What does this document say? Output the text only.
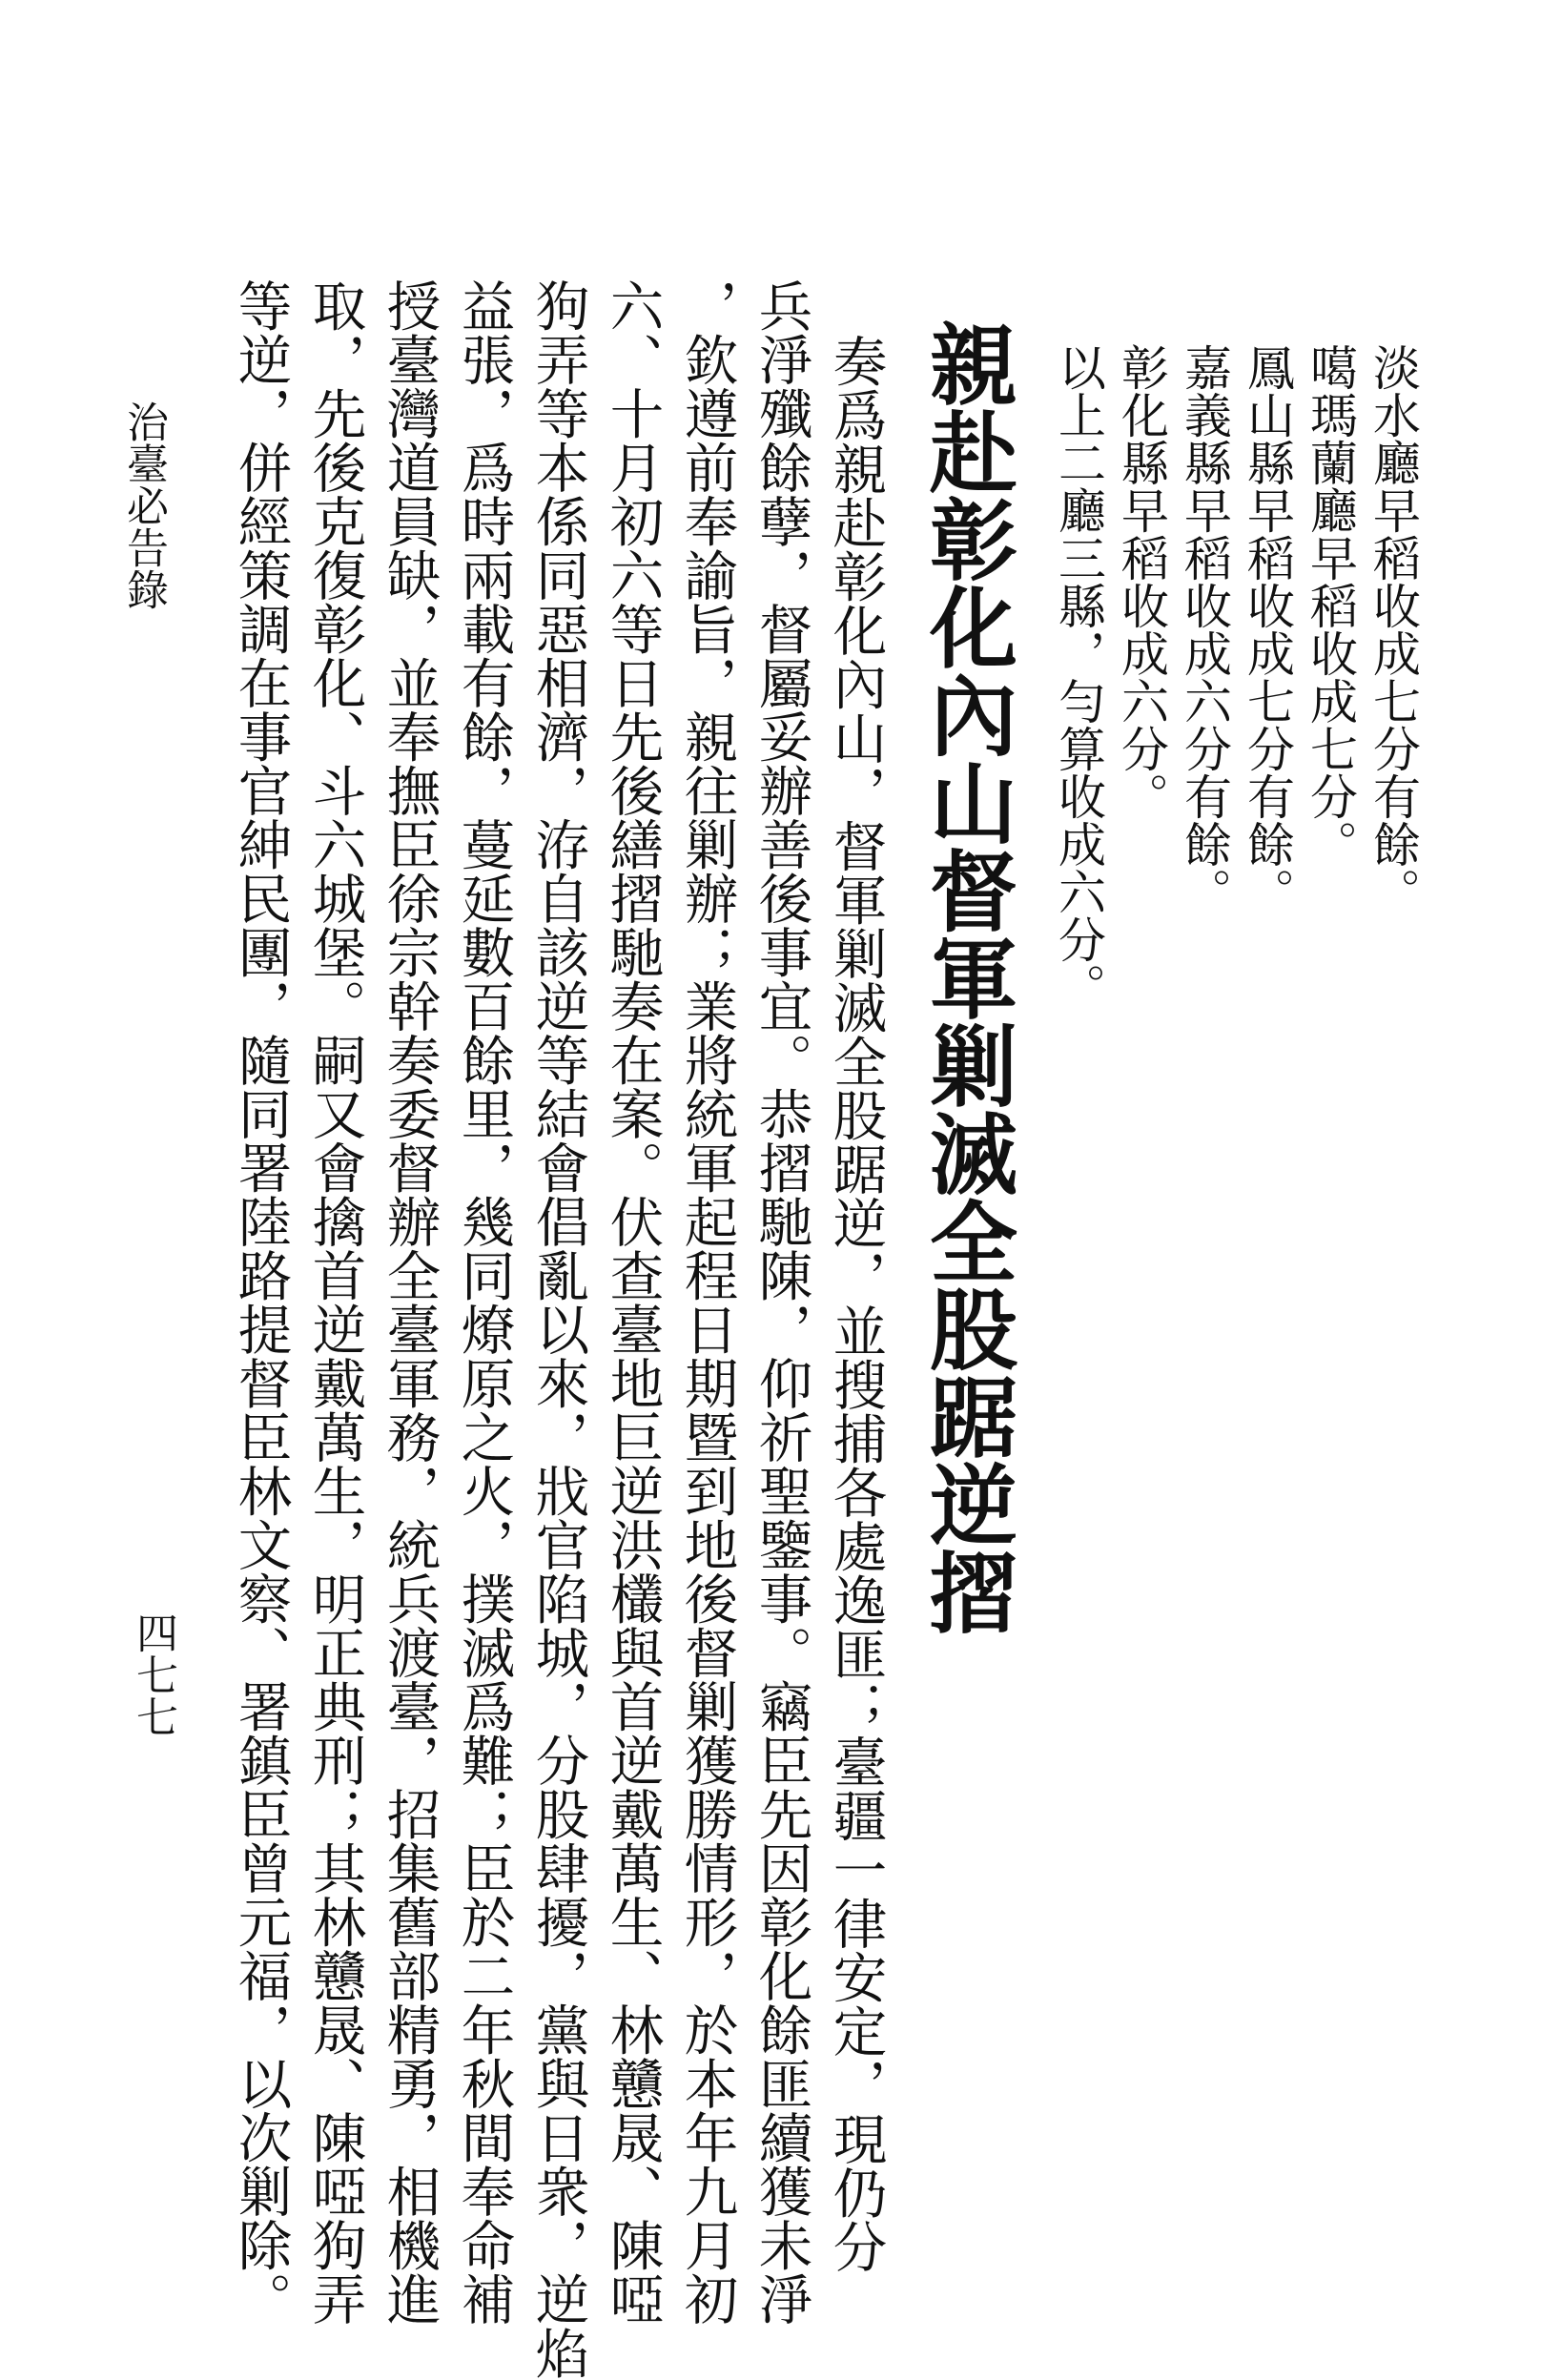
淡水廳早稻收成七分有餘。
噶瑪蘭廳早稻收成七分。
鳳山縣早稻收成七分有餘。
嘉義縣早稻收成六分有餘。
彰化縣早稻收成六分。
以上二廳三縣，勻算收成六分。
親赴彰化內山督軍剿滅全股踞逆摺
奏爲親赴彰化內山，督軍剿滅全股踞逆，並搜捕各處逸匪；臺疆一律安定，現仍分
兵淨殲餘孽，督屬妥辦善後事宜。恭摺馳陳，仰祈聖鑒事。竊臣先因彰化餘匪續獲未淨
，欽遵前奉諭旨，親往剿辦；業將統軍起程日期暨到地後督剿獲勝情形，於本年九月初
六、十月初六等日先後繕摺馳奏在案。伏查臺地巨逆洪欉與首逆戴萬生、林戇晟、陳啞
狗弄等本係同惡相濟，洊自該逆等結會倡亂以來，戕官陷城，分股肆擾，黨與日衆，逆焰
益張，爲時兩載有餘，蔓延數百餘里，幾同燎原之火，撲滅爲難；臣於二年秋間奉命補
授臺灣道員缺，並奉撫臣徐宗幹奏委督辦全臺軍務，統兵渡臺，招集舊部精勇，相機進
取，先後克復彰化、斗六城堡。嗣又會擒首逆戴萬生，明正典刑；其林戇晟、陳啞狗弄
等逆，併經策調在事官紳民團，隨同署陸路提督臣林文察、署鎮臣曾元福，以次剿除。
治臺必告錄
四七七
